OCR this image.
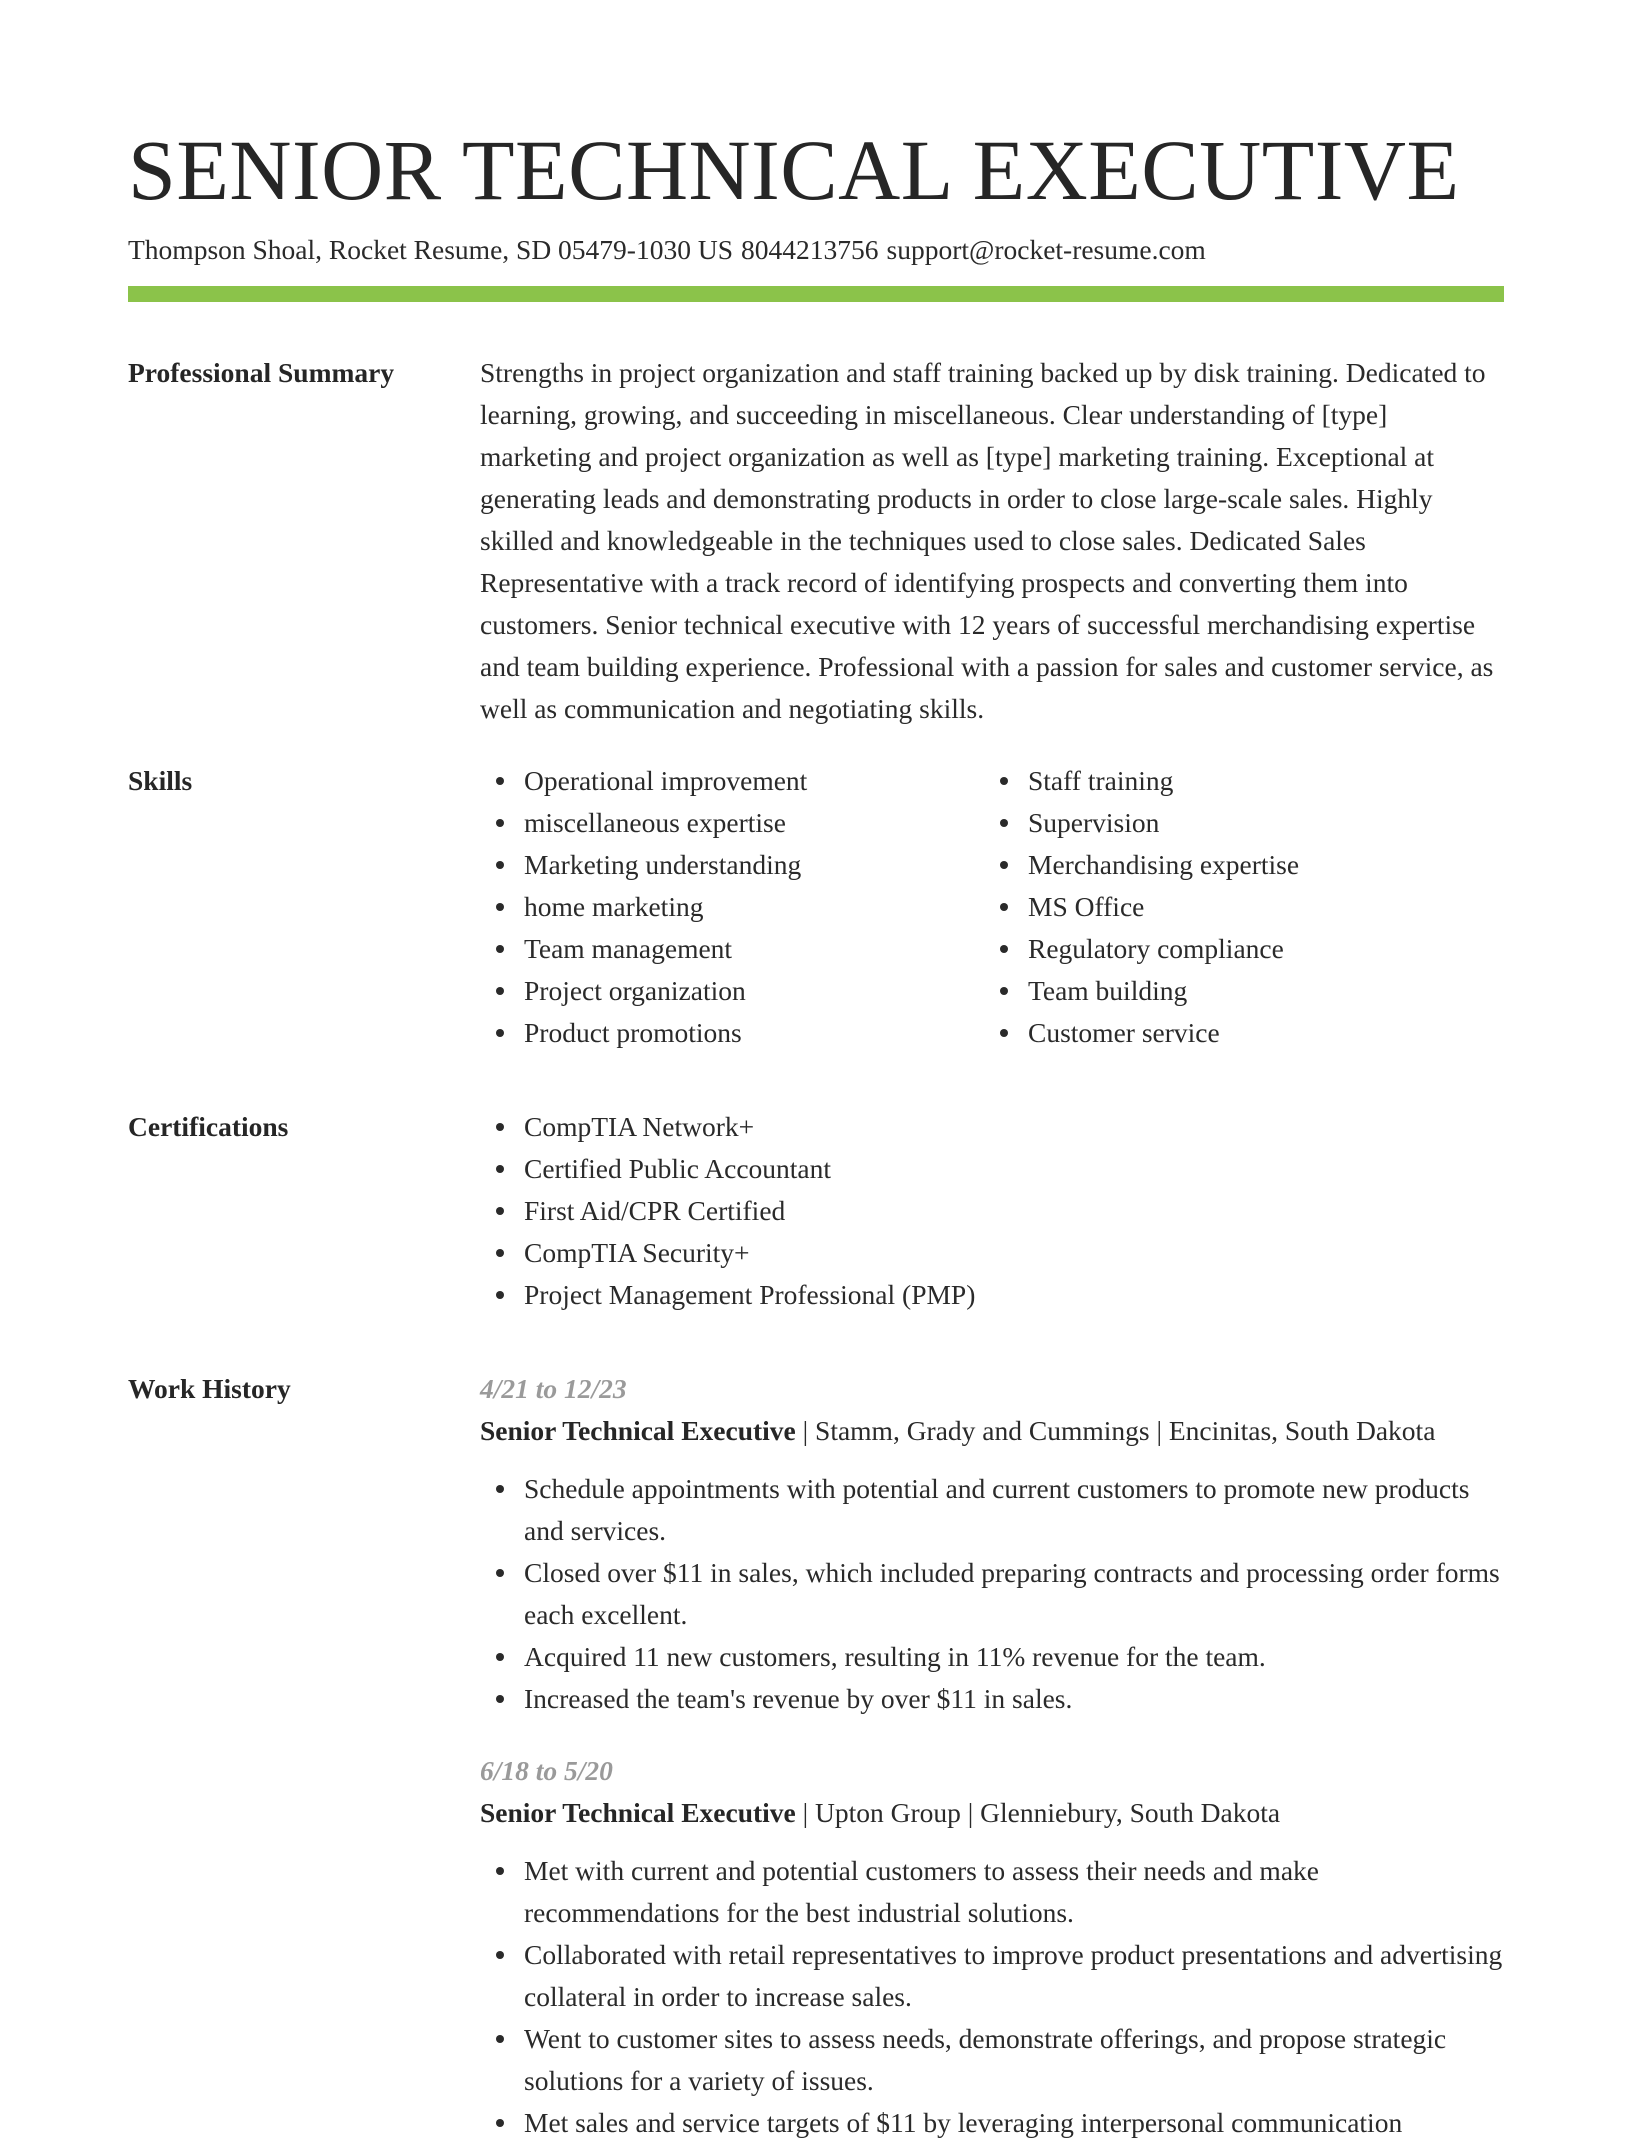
SENIOR TECHNICAL EXECUTIVE
Thompson Shoal, Rocket Resume, SD 05479-1030 US 8044213756 support@rocket-resume.com
Professional Summary	Strengths in project organization and staff training backed up by disk training. Dedicated to learning, growing, and succeeding in miscellaneous. Clear understanding of [type] marketing and project organization as well as [type] marketing training. Exceptional at generating leads and demonstrating products in order to close large-scale sales. Highly skilled and knowledgeable in the techniques used to close sales. Dedicated Sales Representative with a track record of identifying prospects and converting them into customers. Senior technical executive with 12 years of successful merchandising expertise and team building experience. Professional with a passion for sales and customer service, as well as communication and negotiating skills.
Skills	Operational improvement
miscellaneous expertise
Marketing understanding
home marketing
Team management
Project organization
Product promotions
Staff training
Supervision
Merchandising expertise
MS Office
Regulatory compliance
Team building
Customer service
Certifications	CompTIA Network+
Certified Public Accountant
First Aid/CPR Certified
CompTIA Security+
Project Management Professional (PMP)
Work History	4/21 to 12/23
Senior Technical Executive | Stamm, Grady and Cummings | Encinitas, South Dakota
Schedule appointments with potential and current customers to promote new products and services.
Closed over $11 in sales, which included preparing contracts and processing order forms each excellent.
Acquired 11 new customers, resulting in 11% revenue for the team.
Increased the team's revenue by over $11 in sales.
6/18 to 5/20
Senior Technical Executive | Upton Group | Glenniebury, South Dakota
Met with current and potential customers to assess their needs and make recommendations for the best industrial solutions.
Collaborated with retail representatives to improve product presentations and advertising collateral in order to increase sales.
Went to customer sites to assess needs, demonstrate offerings, and propose strategic solutions for a variety of issues.
Met sales and service targets of $11 by leveraging interpersonal communication
